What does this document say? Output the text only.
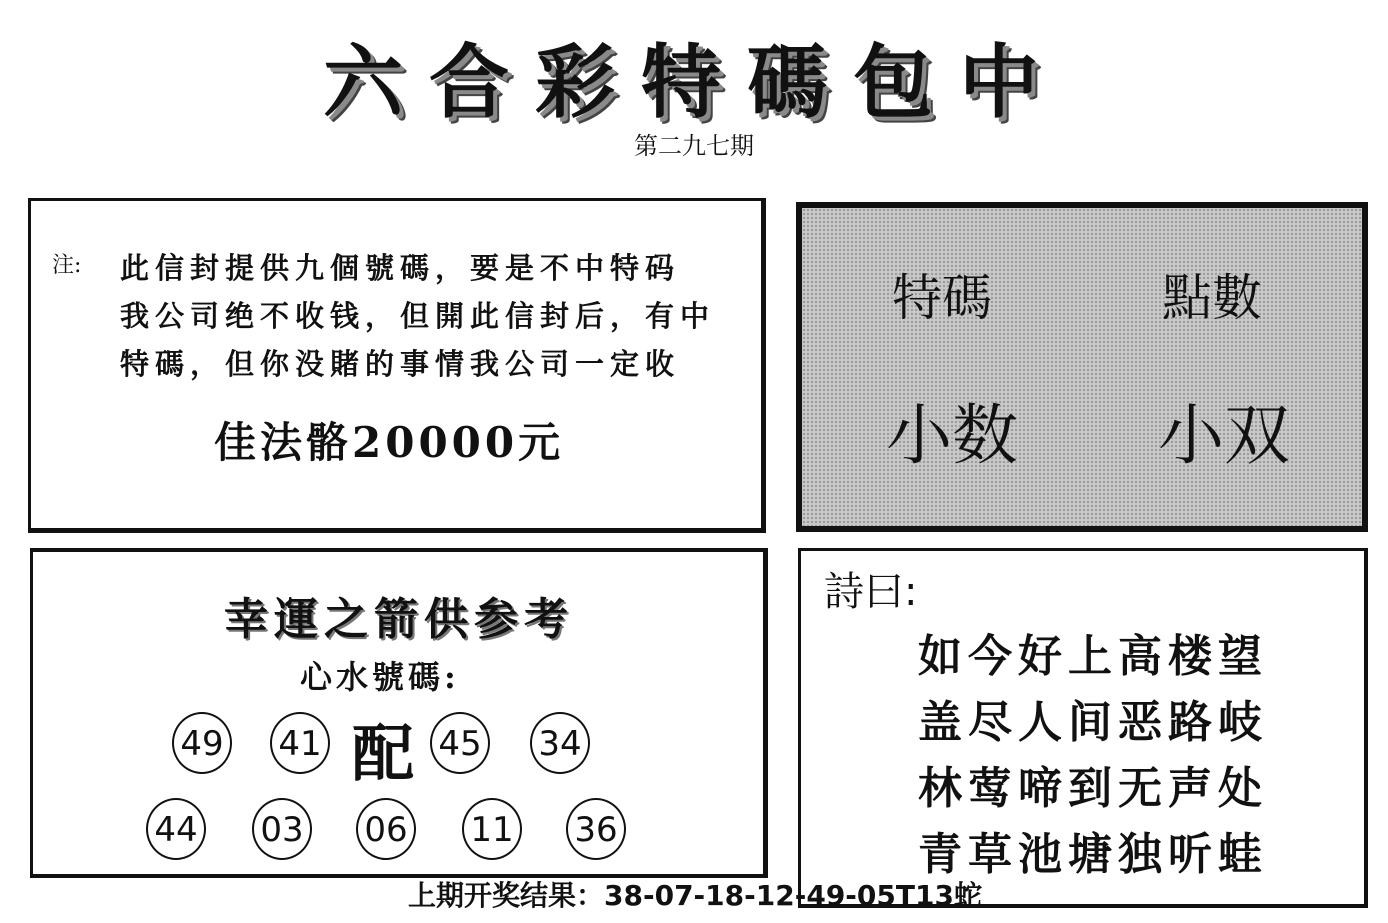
六合彩特碼包中
第二九七期
注: 此信封提供九個號碼，要是不中特码
我公司绝不收钱，但開此信封后，有中
特碼，但你没賭的事情我公司一定收
佳法骼20000元
特碼	點數
小数 小双
幸運之箭供参考
心水號碼:
49 41 配 45 34
44 03 06 11 36
詩曰:
如今好上高楼望
盖尽人间恶路岐
林莺啼到无声处
青草池塘独听蛙
上期开奖结果：38-07-18-12-49-05T13蛇
